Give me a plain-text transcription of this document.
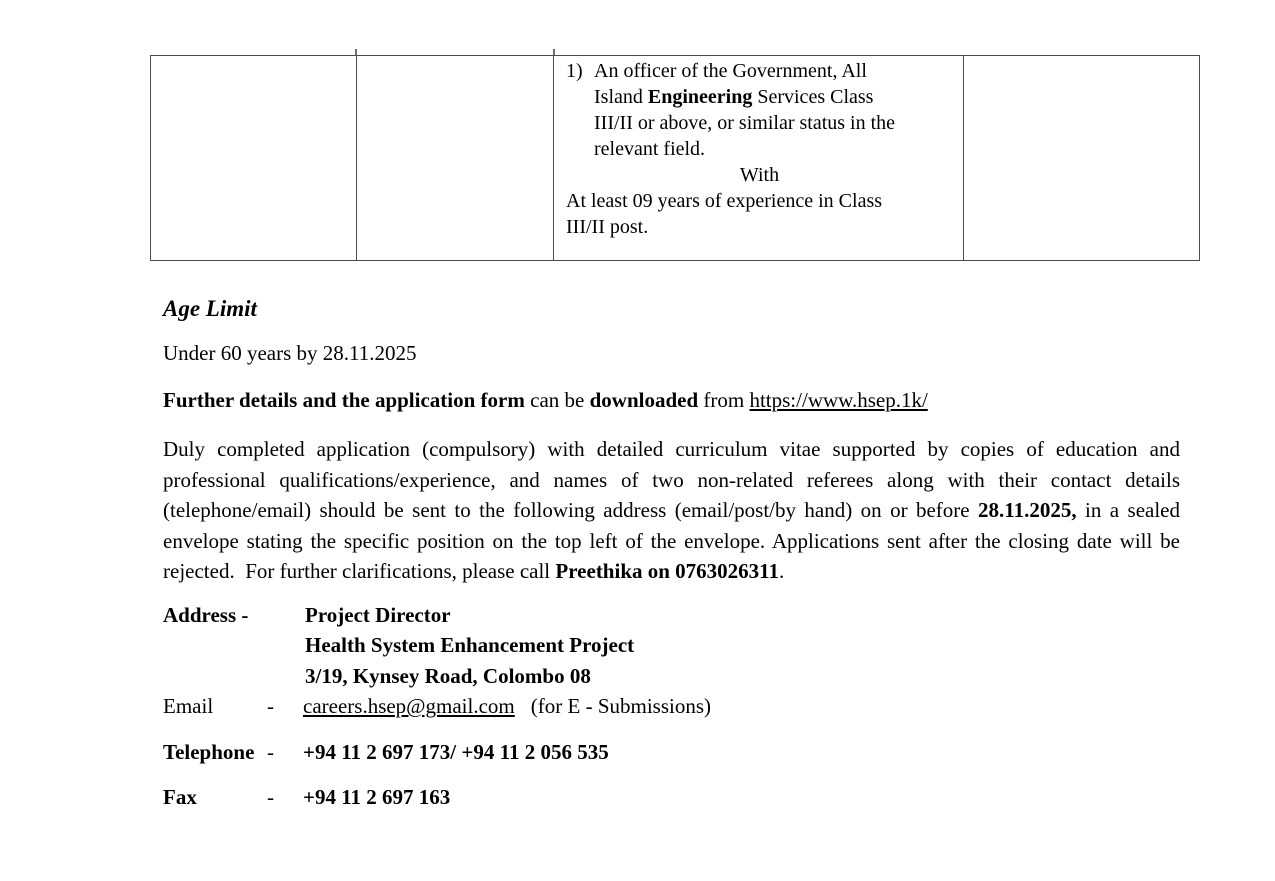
1) An officer of the Government, All
Island Engineering Services Class
III/II or above, or similar status in the
relevant field.
With
At least 09 years of experience in Class
III/II post.
Age Limit
Under 60 years by 28.11.2025
Further details and the application form can be downloaded from https://www.hsep.1k/
Duly completed application (compulsory) with detailed curriculum vitae supported by copies of education and professional qualifications/experience, and names of two non-related referees along with their contact details (telephone/email) should be sent to the following address (email/post/by hand) on or before 28.11.2025, in a sealed envelope stating the specific position on the top left of the envelope. Applications sent after the closing date will be rejected.  For further clarifications, please call Preethika on 0763026311.
Address -	Project Director
Health System Enhancement Project
3/19, Kynsey Road, Colombo 08
Email	- careers.hsep@gmail.com (for E - Submissions)
Telephone - +94 11 2 697 173/ +94 11 2 056 535
Fax	- +94 11 2 697 163
